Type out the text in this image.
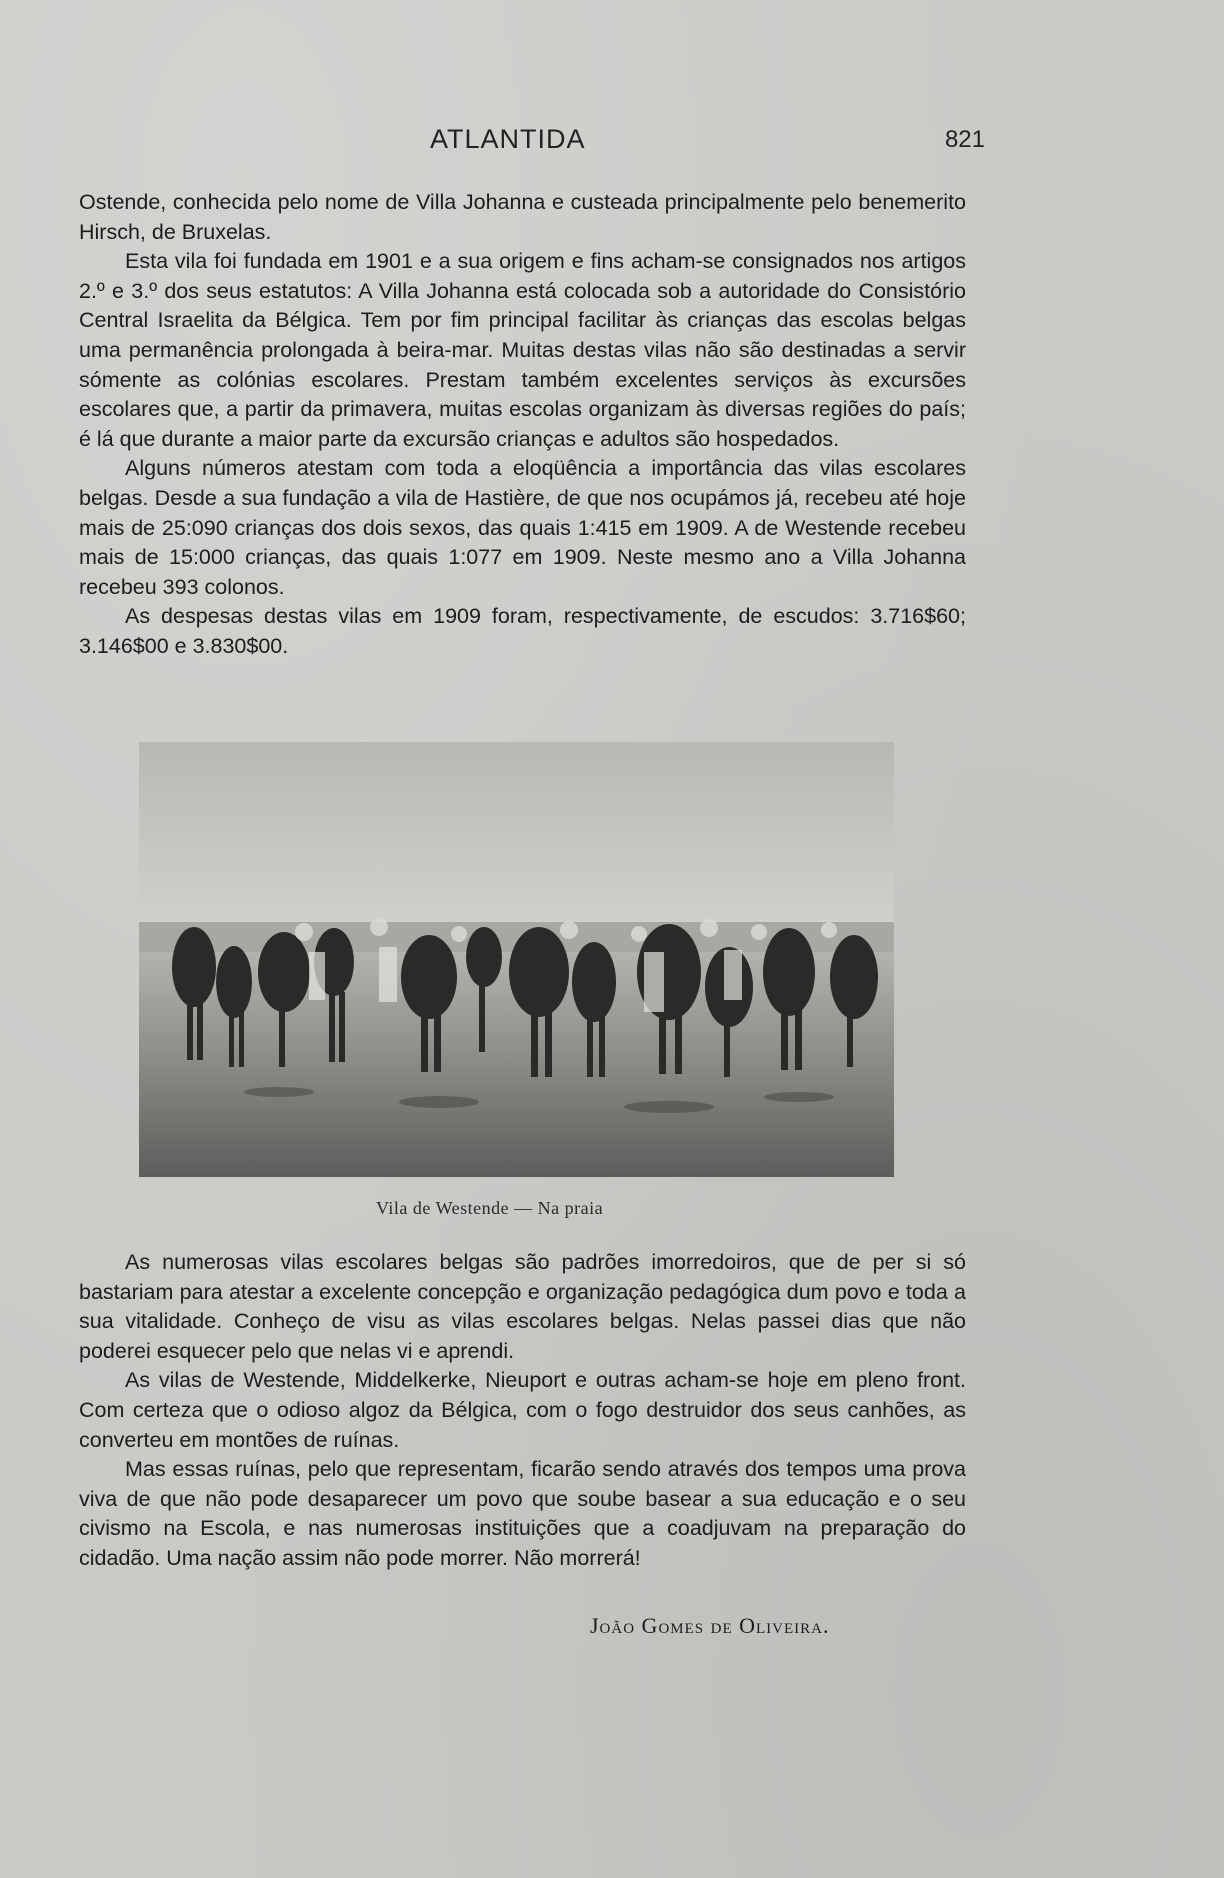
ATLANTIDA	821

Ostende, conhecida pelo nome de Villa Johanna e custeada principalmente pelo benemerito Hirsch, de Bruxelas.

Esta vila foi fundada em 1901 e a sua origem e fins acham-se consignados nos artigos 2.º e 3.º dos seus estatutos: A Villa Johanna está colocada sob a autoridade do Consistório Central Israelita da Bélgica. Tem por fim principal facilitar às crianças das escolas belgas uma permanência prolongada à beira-mar. Muitas destas vilas não são destinadas a servir sómente as colónias escolares. Prestam também excelentes serviços às excursões escolares que, a partir da primavera, muitas escolas organizam às diversas regiões do país; é lá que durante a maior parte da excursão crianças e adultos são hospedados.

Alguns números atestam com toda a eloqüência a importância das vilas escolares belgas. Desde a sua fundação a vila de Hastière, de que nos ocupámos já, recebeu até hoje mais de 25:090 crianças dos dois sexos, das quais 1:415 em 1909. A de Westende recebeu mais de 15:000 crianças, das quais 1:077 em 1909. Neste mesmo ano a Villa Johanna recebeu 393 colonos.

As despesas destas vilas em 1909 foram, respectivamente, de escudos: 3.716$60; 3.146$00 e 3.830$00.

Vila de Westende — Na praia

As numerosas vilas escolares belgas são padrões imorredoiros, que de per si só bastariam para atestar a excelente concepção e organização pedagógica dum povo e toda a sua vitalidade. Conheço de visu as vilas escolares belgas. Nelas passei dias que não poderei esquecer pelo que nelas vi e aprendi.

As vilas de Westende, Middelkerke, Nieuport e outras acham-se hoje em pleno front. Com certeza que o odioso algoz da Bélgica, com o fogo destruidor dos seus canhões, as converteu em montões de ruínas.

Mas essas ruínas, pelo que representam, ficarão sendo através dos tempos uma prova viva de que não pode desaparecer um povo que soube basear a sua educação e o seu civismo na Escola, e nas numerosas instituições que a coadjuvam na preparação do cidadão. Uma nação assim não pode morrer. Não morrerá!

João Gomes de Oliveira.
